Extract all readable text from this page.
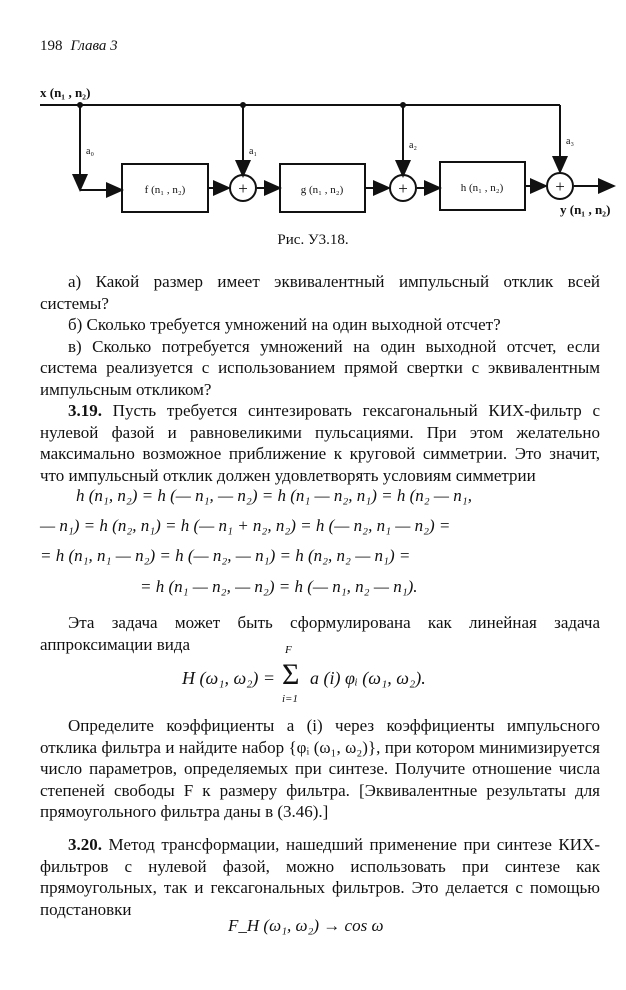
198 Глава 3
x (n₁ , n₂)
y (n₁ , n₂)
a₀	a₁
a₂	a₃
f (n₁ , n₂)	g (n₁ , n₂)	h (n₁ , n₂)
+	+	+
Рис. У3.18.

а) Какой размер имеет эквивалентный импульсный отклик всей системы?

б) Сколько требуется умножений на один выходной отсчет?

в) Сколько потребуется умножений на один выходной отсчет, если система реализуется с использованием прямой свертки с эквивалентным импульсным откликом?

3.19. Пусть требуется синтезировать гексагональный КИХ-фильтр с нулевой фазой и равновеликими пульсациями. При этом желательно максимально возможное приближение к круговой симметрии. Это значит, что импульсный отклик должен удовлетворять условиям симметрии

h (n₁, n₂) = h (— n₁, — n₂) = h (n₁ — n₂, n₁) = h (n₂ — n₁,
— n₁) = h (n₂, n₁) = h (— n₁ + n₂, n₂) = h (— n₂, n₁ — n₂) =
= h (n₁, n₁ — n₂) = h (— n₂, — n₁) = h (n₂, n₂ — n₁) =
= h (n₁ — n₂, — n₂) = h (— n₁, n₂ — n₁).

Эта задача может быть сформулирована как линейная задача аппроксимации вида

H (ω₁, ω₂) =
F
Σ
i=1
a (i) φᵢ (ω₁, ω₂).

Определите коэффициенты a (i) через коэффициенты импульсного отклика фильтра и найдите набор {φᵢ (ω₁, ω₂)}, при котором минимизируется число параметров, определяемых при синтезе. Получите отношение числа степеней свободы F к размеру фильтра. [Эквивалентные результаты для прямоугольного фильтра даны в (3.46).]

3.20. Метод трансформации, нашедший применение при синтезе КИХ-фильтров с нулевой фазой, можно использовать при синтезе как прямоугольных, так и гексагональных фильтров. Это делается с помощью подстановки

F_H (ω₁, ω₂) → cos ω
